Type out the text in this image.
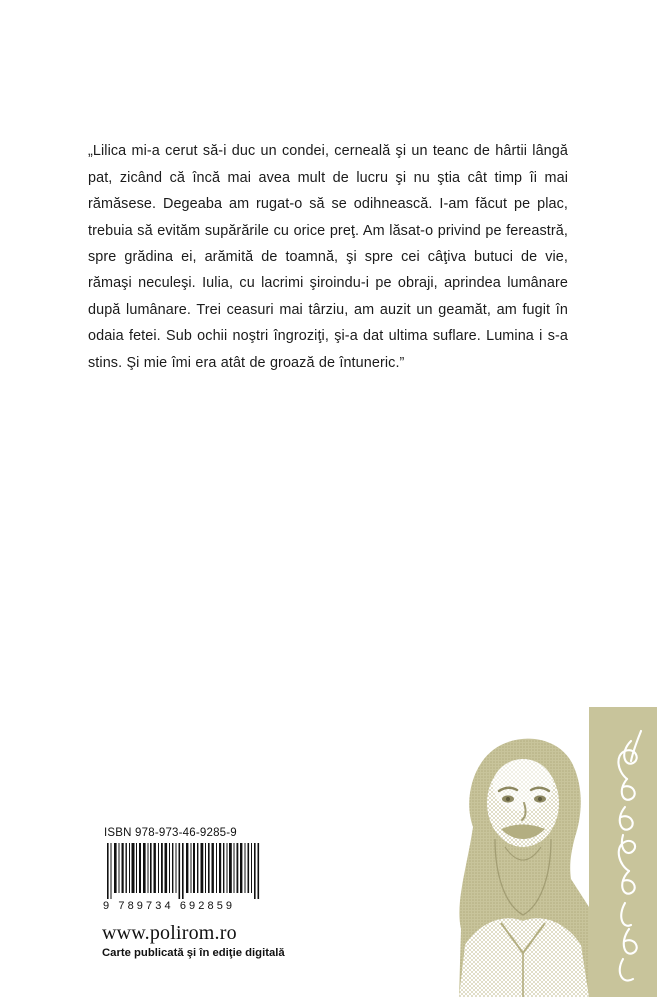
„Lilica mi-a cerut să-i duc un condei, cerneală şi un teanc de hârtii lângă pat, zicând că încă mai avea mult de lucru şi nu ştia cât timp îi mai rămăsese. Degeaba am rugat-o să se odihnească. I-am făcut pe plac, trebuia să evităm supărările cu orice preţ. Am lăsat-o privind pe fereastră, spre grădina ei, arămită de toamnă, şi spre cei câţiva butuci de vie, rămaşi neculeşi. Iulia, cu lacrimi şiroindu-i pe obraji, aprindea lumânare după lumânare. Trei ceasuri mai târziu, am auzit un geamăt, am fugit în odaia fetei. Sub ochii noştri îngroziţi, şi-a dat ultima suflare. Lumina i s-a stins. Şi mie îmi era atât de groază de întuneric.”

ISBN 978-973-46-9285-9
9 789734 692859
www.polirom.ro
Carte publicată şi în ediţie digitală
